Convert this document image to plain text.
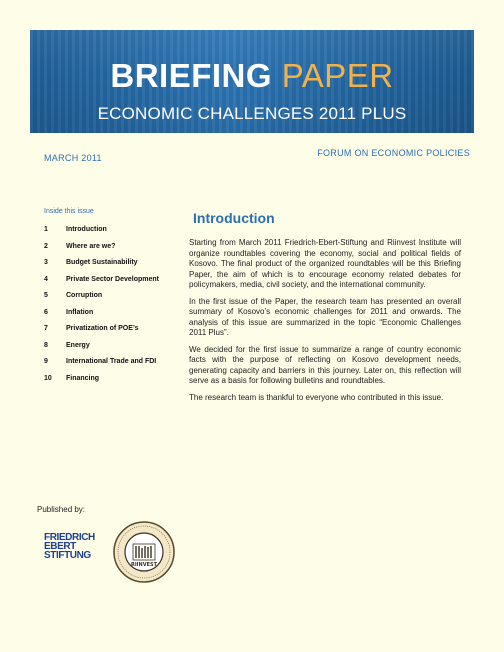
BRIEFING PAPER
ECONOMIC CHALLENGES 2011 PLUS
MARCH 2011	FORUM ON ECONOMIC POLICIES
Inside this issue
1	Introduction
2	Where are we?
3	Budget Sustainability
4	Private Sector Development
5	Corruption
6	Inflation
7	Privatization of POE’s
8	Energy
9	International Trade and FDI
10	Financing
Introduction

Starting from March 2011 Friedrich-Ebert-Stiftung and Riinvest Institute will organize roundtables covering the economy, social and political fields of Kosovo. The final product of the organized roundtables will be this Briefing Paper, the aim of which is to encourage economy related debates for policymakers, media, civil society, and the international community.

In the first issue of the Paper, the research team has presented an overall summary of Kosovo’s economic challenges for 2011 and onwards. The analysis of this issue are summarized in the topic “Economic Challenges 2011 Plus”.

We decided for the first issue to summarize a range of country economic facts with the purpose of reflecting on Kosovo development needs, generating capacity and barriers in this journey. Later on, this reflection will serve as a basis for following bulletins and roundtables.

The research team is thankful to everyone who contributed in this issue.

Published by:
FRIEDRICH
EBERT
STIFTUNG
RIINVEST
